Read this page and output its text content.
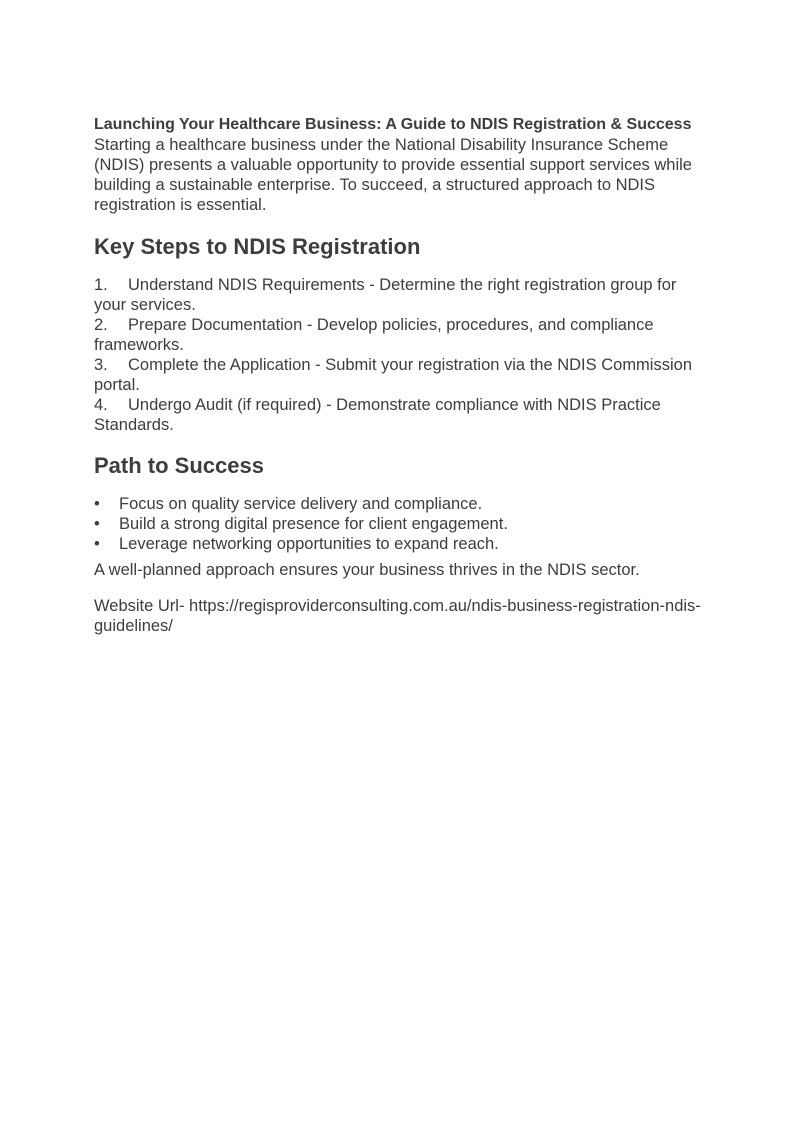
Launching Your Healthcare Business: A Guide to NDIS Registration & Success

Starting a healthcare business under the National Disability Insurance Scheme (NDIS) presents a valuable opportunity to provide essential support services while building a sustainable enterprise. To succeed, a structured approach to NDIS registration is essential.

Key Steps to NDIS Registration
1. Understand NDIS Requirements - Determine the right registration group for your services.
2. Prepare Documentation - Develop policies, procedures, and compliance frameworks.
3. Complete the Application - Submit your registration via the NDIS Commission portal.
4. Undergo Audit (if required) - Demonstrate compliance with NDIS Practice Standards.
Path to Success
•	Focus on quality service delivery and compliance.
•	Build a strong digital presence for client engagement.
•	Leverage networking opportunities to expand reach.

A well-planned approach ensures your business thrives in the NDIS sector.

Website Url- https://regisproviderconsulting.com.au/ndis-business-registration-ndis-guidelines/
